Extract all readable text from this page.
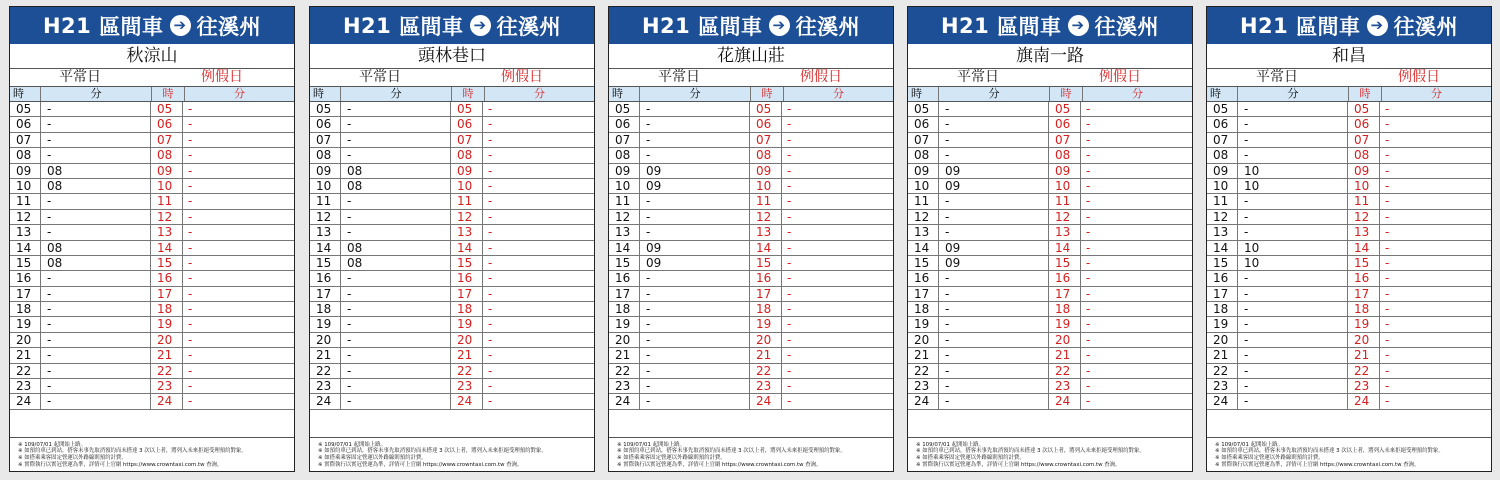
H21
區間車 ➔ 往溪州
秋涼山
平常日	例假日
時	分	時	分
05	-	05	-
06	-	06	-
07	-	07	-
08	-	08	-
09	08	09	-
10	08	10	-
11	-	11	-
12	-	12	-
13	-	13	-
14	08	14	-
15	08	15	-
16	-	16	-
17	-	17	-
18	-	18	-
19	-	19	-
20	-	20	-
21	-	21	-
22	-	22	-
23	-	23	-
24	-	24	-
※ 109/07/01 起開始上路。
※ 如預約車已到站，搭客未事先取消預約而未搭達 3 次以上者，將列入未來拒絕受理預約對象。
※ 如搭乘乘客固定營運以外路線則預約計費。
※ 實際執行以實冠營運為準，詳情可上官網 https://www.crowntaxi.com.tw 查詢。
H21
區間車 ➔ 往溪州
頭林巷口
平常日	例假日
時	分	時	分
05	-	05	-
06	-	06	-
07	-	07	-
08	-	08	-
09	08	09	-
10	08	10	-
11	-	11	-
12	-	12	-
13	-	13	-
14	08	14	-
15	08	15	-
16	-	16	-
17	-	17	-
18	-	18	-
19	-	19	-
20	-	20	-
21	-	21	-
22	-	22	-
23	-	23	-
24	-	24	-
※ 109/07/01 起開始上路。
※ 如預約車已到站，搭客未事先取消預約而未搭達 3 次以上者，將列入未來拒絕受理預約對象。
※ 如搭乘乘客固定營運以外路線則預約計費。
※ 實際執行以實冠營運為準，詳情可上官網 https://www.crowntaxi.com.tw 查詢。
H21
區間車 ➔ 往溪州
花旗山莊
平常日	例假日
時	分	時	分
05	-	05	-
06	-	06	-
07	-	07	-
08	-	08	-
09	09	09	-
10	09	10	-
11	-	11	-
12	-	12	-
13	-	13	-
14	09	14	-
15	09	15	-
16	-	16	-
17	-	17	-
18	-	18	-
19	-	19	-
20	-	20	-
21	-	21	-
22	-	22	-
23	-	23	-
24	-	24	-
※ 109/07/01 起開始上路。
※ 如預約車已到站，搭客未事先取消預約而未搭達 3 次以上者，將列入未來拒絕受理預約對象。
※ 如搭乘乘客固定營運以外路線則預約計費。
※ 實際執行以實冠營運為準，詳情可上官網 https://www.crowntaxi.com.tw 查詢。
H21
區間車 ➔ 往溪州
旗南一路
平常日	例假日
時	分	時	分
05	-	05	-
06	-	06	-
07	-	07	-
08	-	08	-
09	09	09	-
10	09	10	-
11	-	11	-
12	-	12	-
13	-	13	-
14	09	14	-
15	09	15	-
16	-	16	-
17	-	17	-
18	-	18	-
19	-	19	-
20	-	20	-
21	-	21	-
22	-	22	-
23	-	23	-
24	-	24	-
※ 109/07/01 起開始上路。
※ 如預約車已到站，搭客未事先取消預約而未搭達 3 次以上者，將列入未來拒絕受理預約對象。
※ 如搭乘乘客固定營運以外路線則預約計費。
※ 實際執行以實冠營運為準，詳情可上官網 https://www.crowntaxi.com.tw 查詢。
H21
區間車 ➔ 往溪州
和昌
平常日	例假日
時	分	時	分
05	-	05	-
06	-	06	-
07	-	07	-
08	-	08	-
09	10	09	-
10	10	10	-
11	-	11	-
12	-	12	-
13	-	13	-
14	10	14	-
15	10	15	-
16	-	16	-
17	-	17	-
18	-	18	-
19	-	19	-
20	-	20	-
21	-	21	-
22	-	22	-
23	-	23	-
24	-	24	-
※ 109/07/01 起開始上路。
※ 如預約車已到站，搭客未事先取消預約而未搭達 3 次以上者，將列入未來拒絕受理預約對象。
※ 如搭乘乘客固定營運以外路線則預約計費。
※ 實際執行以實冠營運為準，詳情可上官網 https://www.crowntaxi.com.tw 查詢。
